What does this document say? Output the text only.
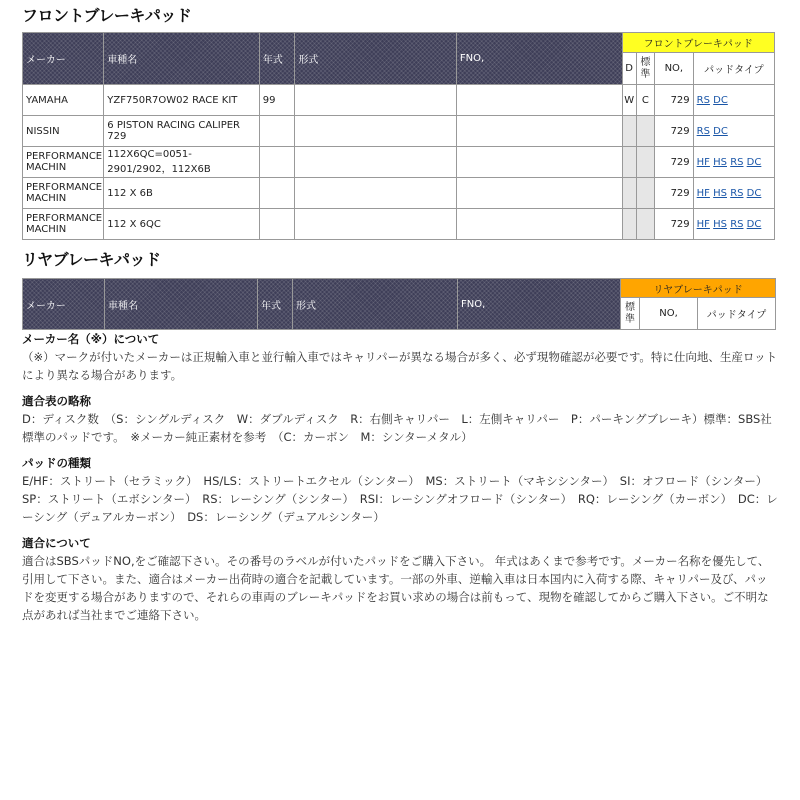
フロントブレーキパッド
メーカー	車種名	年式	形式	FNO,	フロントブレーキパッド			
					D	標準	NO,	パッドタイプ
YAMAHA	YZF750R7OW02 RACE KIT	99			W	C	729	RS DC
NISSIN	6 PISTON RACING CALIPER 729						729	RS DC
PERFORMANCE MACHIN	112X6QC=0051-2901/2902，112X6B						729	HF HS RS DC
PERFORMANCE MACHIN	112 X 6B						729	HF HS RS DC
PERFORMANCE MACHIN	112 X 6QC						729	HF HS RS DC
リヤブレーキパッド
メーカー	車種名	年式	形式	FNO,	リヤブレーキパッド		
					標準	NO,	パッドタイプ
メーカー名（※）について

（※）マークが付いたメーカーは正規輸入車と並行輸入車ではキャリパーが異なる場合が多く、必ず現物確認が必要です。特に仕向地、生産ロットにより異なる場合があります。

適合表の略称

D：ディスク数　（S：シングルディスク　W：ダブルディスク　R：右側キャリパー　L：左側キャリパー　P：パーキングブレーキ）標準：SBS社標準のパッドです。　※メーカー純正素材を参考　（C：カーボン　M：シンターメタル）

パッドの種類

E/HF：ストリート（セラミック）　HS/LS：ストリートエクセル（シンター）　MS：ストリート（マキシシンター）　SI：オフロード（シンター）　SP：ストリート（エボシンター）　RS：レーシング（シンター）　RSI：レーシングオフロード（シンター）　RQ：レーシング（カーボン）　DC：レーシング（デュアルカーボン）　DS：レーシング（デュアルシンター）

適合について

適合はSBSパッドNO,をご確認下さい。その番号のラベルが付いたパッドをご購入下さい。 年式はあくまで参考です。メーカー名称を優先して、引用して下さい。また、適合はメーカー出荷時の適合を記載しています。一部の外車、逆輸入車は日本国内に入荷する際、キャリパー及び、パッドを変更する場合がありますので、それらの車両のブレーキパッドをお買い求めの場合は前もって、現物を確認してからご購入下さい。ご不明な点があれば当社までご連絡下さい。
